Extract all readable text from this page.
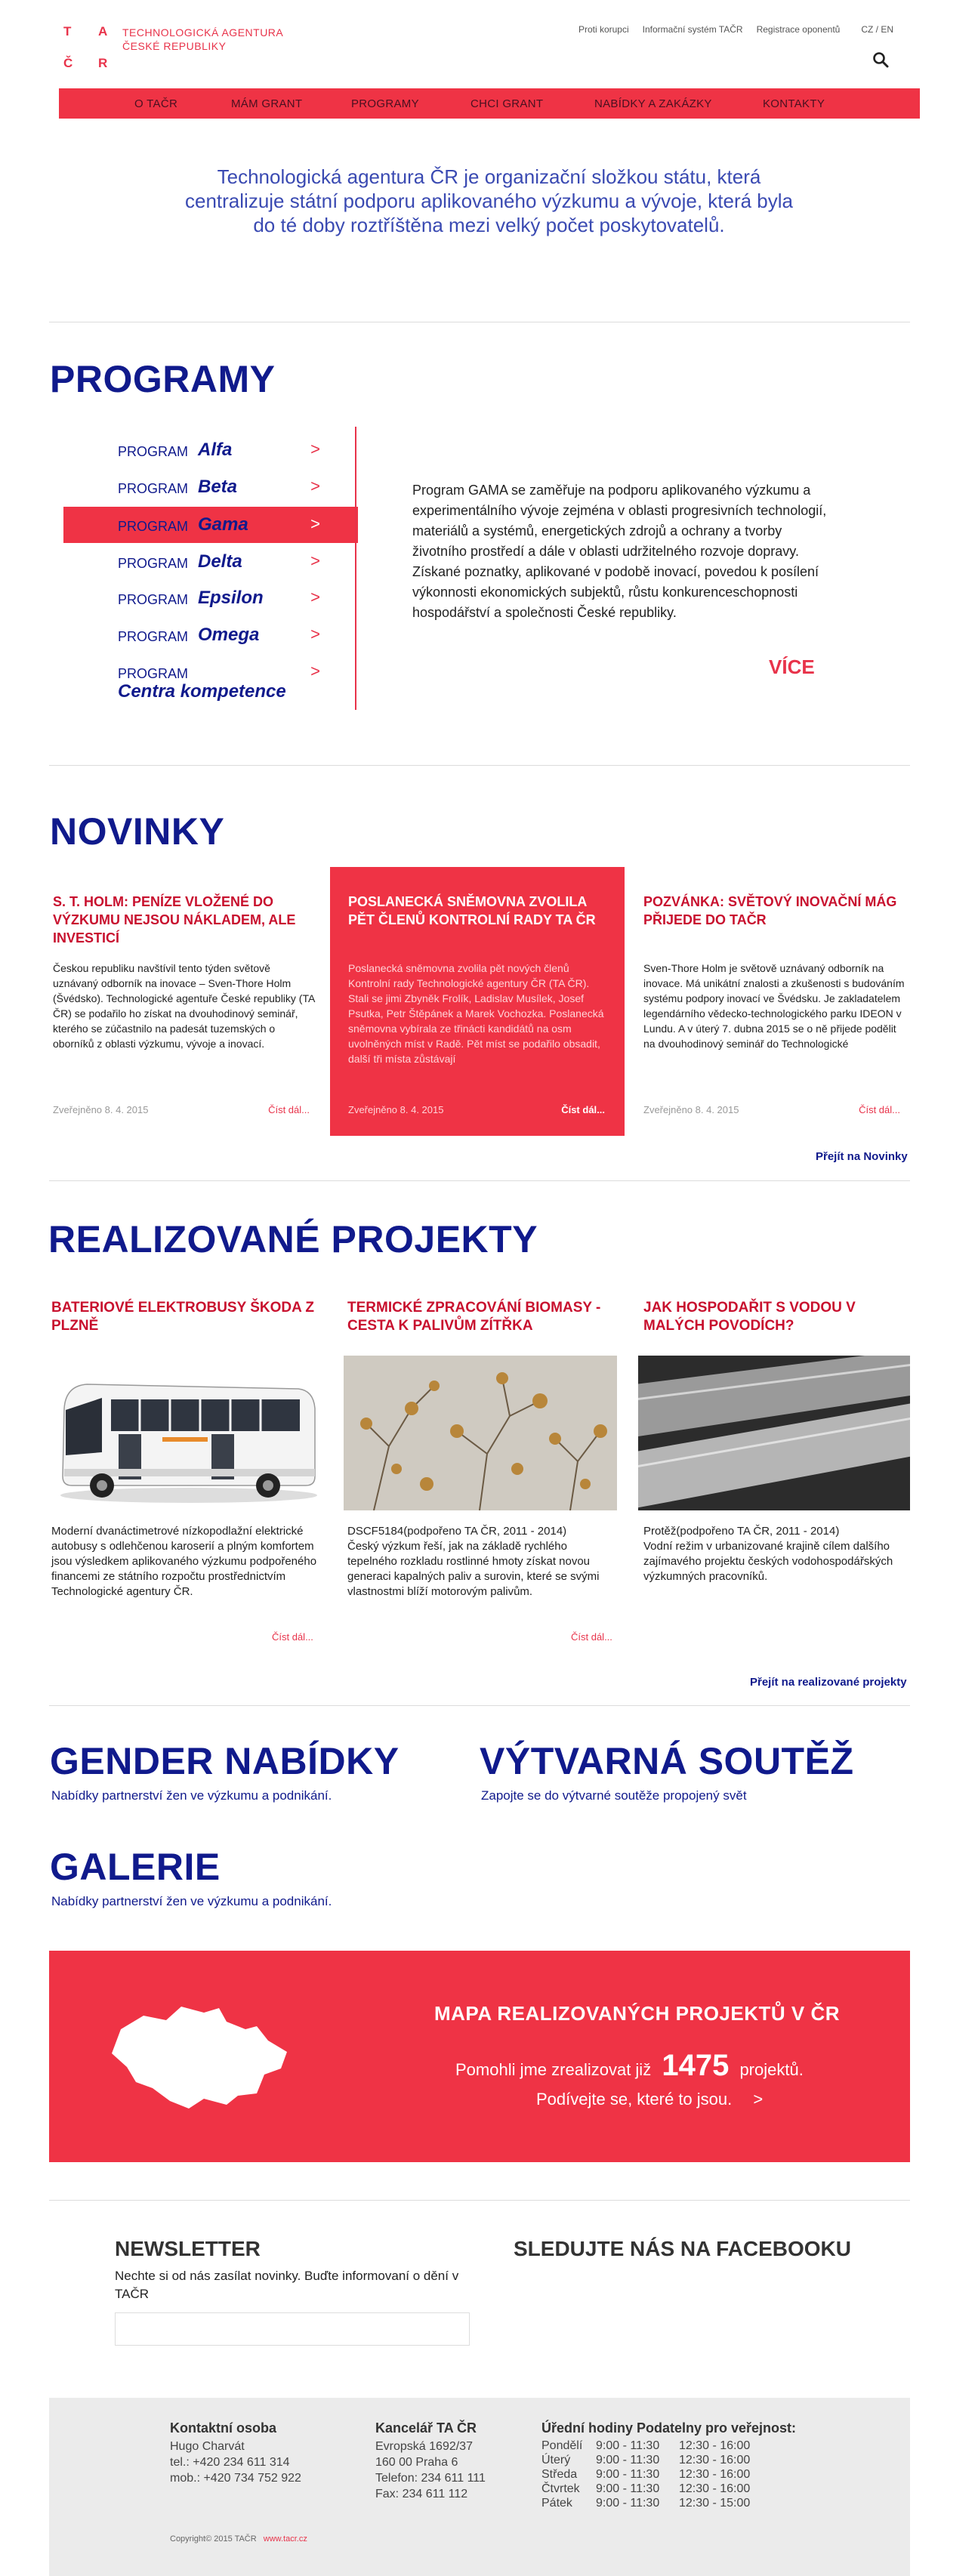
T A
Č R
TECHNOLOGICKÁ AGENTURA
ČESKÉ REPUBLIKY
Proti korupci Informační systém TAČR Registrace oponentů CZ / EN
O TAČR	MÁM GRANT	PROGRAMY	CHCI GRANT	NABÍDKY A ZAKÁZKY	KONTAKTY
Technologická agentura ČR je organizační složkou státu, která centralizuje státní podporu aplikovaného výzkumu a vývoje, která byla do té doby roztříštěna mezi velký počet poskytovatelů.
PROGRAMY
PROGRAM Alfa	>
PROGRAM Beta	>
PROGRAM Gama	>
PROGRAM Delta	>
PROGRAM Epsilon	>
PROGRAM Omega	>
PROGRAM
Centra kompetence
>
Program GAMA se zaměřuje na podporu aplikovaného výzkumu a experimentálního vývoje zejména v oblasti progresivních technologií, materiálů a systémů, energetických zdrojů a ochrany a tvorby životního prostředí a dále v oblasti udržitelného rozvoje dopravy. Získané poznatky, aplikované v podobě inovací, povedou k posílení výkonnosti ekonomických subjektů, růstu konkurenceschopnosti hospodářství a společnosti České republiky.
VÍCE
NOVINKY
S. T. HOLM: PENÍZE VLOŽENÉ DO VÝZKUMU NEJSOU NÁKLADEM, ALE INVESTICÍ
Českou republiku navštívil tento týden světově uznávaný odborník na inovace – Sven-Thore Holm (Švédsko). Technologické agentuře České republiky (TA ČR) se podařilo ho získat na dvouhodinový seminář, kterého se zúčastnilo na padesát tuzemských o oborníků z oblasti výzkumu, vývoje a inovací.
Zveřejněno 8. 4. 2015	Číst dál...
POSLANECKÁ SNĚMOVNA ZVOLILA PĚT ČLENŮ KONTROLNÍ RADY TA ČR
Poslanecká sněmovna zvolila pět nových členů Kontrolní rady Technologické agentury ČR (TA ČR). Stali se jimi Zbyněk Frolík, Ladislav Musílek, Josef Psutka, Petr Štěpánek a Marek Vochozka. Poslanecká sněmovna vybírala ze třinácti kandidátů na osm uvolněných míst v Radě. Pět míst se podařilo obsadit, další tři místa zůstávají
Zveřejněno 8. 4. 2015	Číst dál...
POZVÁNKA: SVĚTOVÝ INOVAČNÍ MÁG PŘIJEDE DO TAČR
Sven-Thore Holm je světově uznávaný odborník na inovace. Má unikátní znalosti a zkušenosti s budováním systému podpory inovací ve Švédsku. Je zakladatelem legendárního vědecko-technologického parku IDEON v Lundu. A v úterý 7. dubna 2015 se o ně přijede podělit na dvouhodinový seminář do Technologické
Zveřejněno 8. 4. 2015	Číst dál...
Přejít na Novinky
REALIZOVANÉ PROJEKTY
BATERIOVÉ ELEKTROBUSY ŠKODA Z PLZNĚ
TERMICKÉ ZPRACOVÁNÍ BIOMASY - CESTA K PALIVŮM ZÍTŘKA
JAK HOSPODAŘIT S VODOU V MALÝCH POVODÍCH?
Moderní dvanáctimetrové nízkopodlažní elektrické autobusy s odlehčenou karoserií a plným komfortem jsou výsledkem aplikovaného výzkumu podpořeného financemi ze státního rozpočtu prostřednictvím Technologické agentury ČR.
DSCF5184(podpořeno TA ČR, 2011 - 2014)
Český výzkum řeší, jak na základě rychlého tepelného rozkladu rostlinné hmoty získat novou generaci kapalných paliv a surovin, které se svými vlastnostmi blíží motorovým palivům.
Protěž(podpořeno TA ČR, 2011 - 2014)
Vodní režim v urbanizované krajině cílem dalšího zajímavého projektu českých vodohospodářských výzkumných pracovníků.
Číst dál...	Číst dál...
Přejít na realizované projekty
GENDER NABÍDKY
Nabídky partnerství žen ve výzkumu a podnikání.
VÝTVARNÁ SOUTĚŽ
Zapojte se do výtvarné soutěže propojený svět
GALERIE
Nabídky partnerství žen ve výzkumu a podnikání.
MAPA REALIZOVANÝCH PROJEKTŮ V ČR
Pomohli jme zrealizovat již 1475 projektů.
Podívejte se, které to jsou. >
NEWSLETTER
Nechte si od nás zasílat novinky. Buďte informovaní o dění v TAČR
SLEDUJTE NÁS NA FACEBOOKU
Kontaktní osoba
Hugo Charvát
tel.: +420 234 611 314
mob.: +420 734 752 922
Kancelář TA ČR
Evropská 1692/37
160 00 Praha 6
Telefon: 234 611 111
Fax: 234 611 112
Úřední hodiny Podatelny pro veřejnost:
Pondělí 9:00 - 11:30 12:30 - 16:00
Úterý 9:00 - 11:30 12:30 - 16:00
Středa 9:00 - 11:30 12:30 - 16:00
Čtvrtek 9:00 - 11:30 12:30 - 16:00
Pátek 9:00 - 11:30 12:30 - 15:00
Copyright© 2015 TAČR www.tacr.cz
